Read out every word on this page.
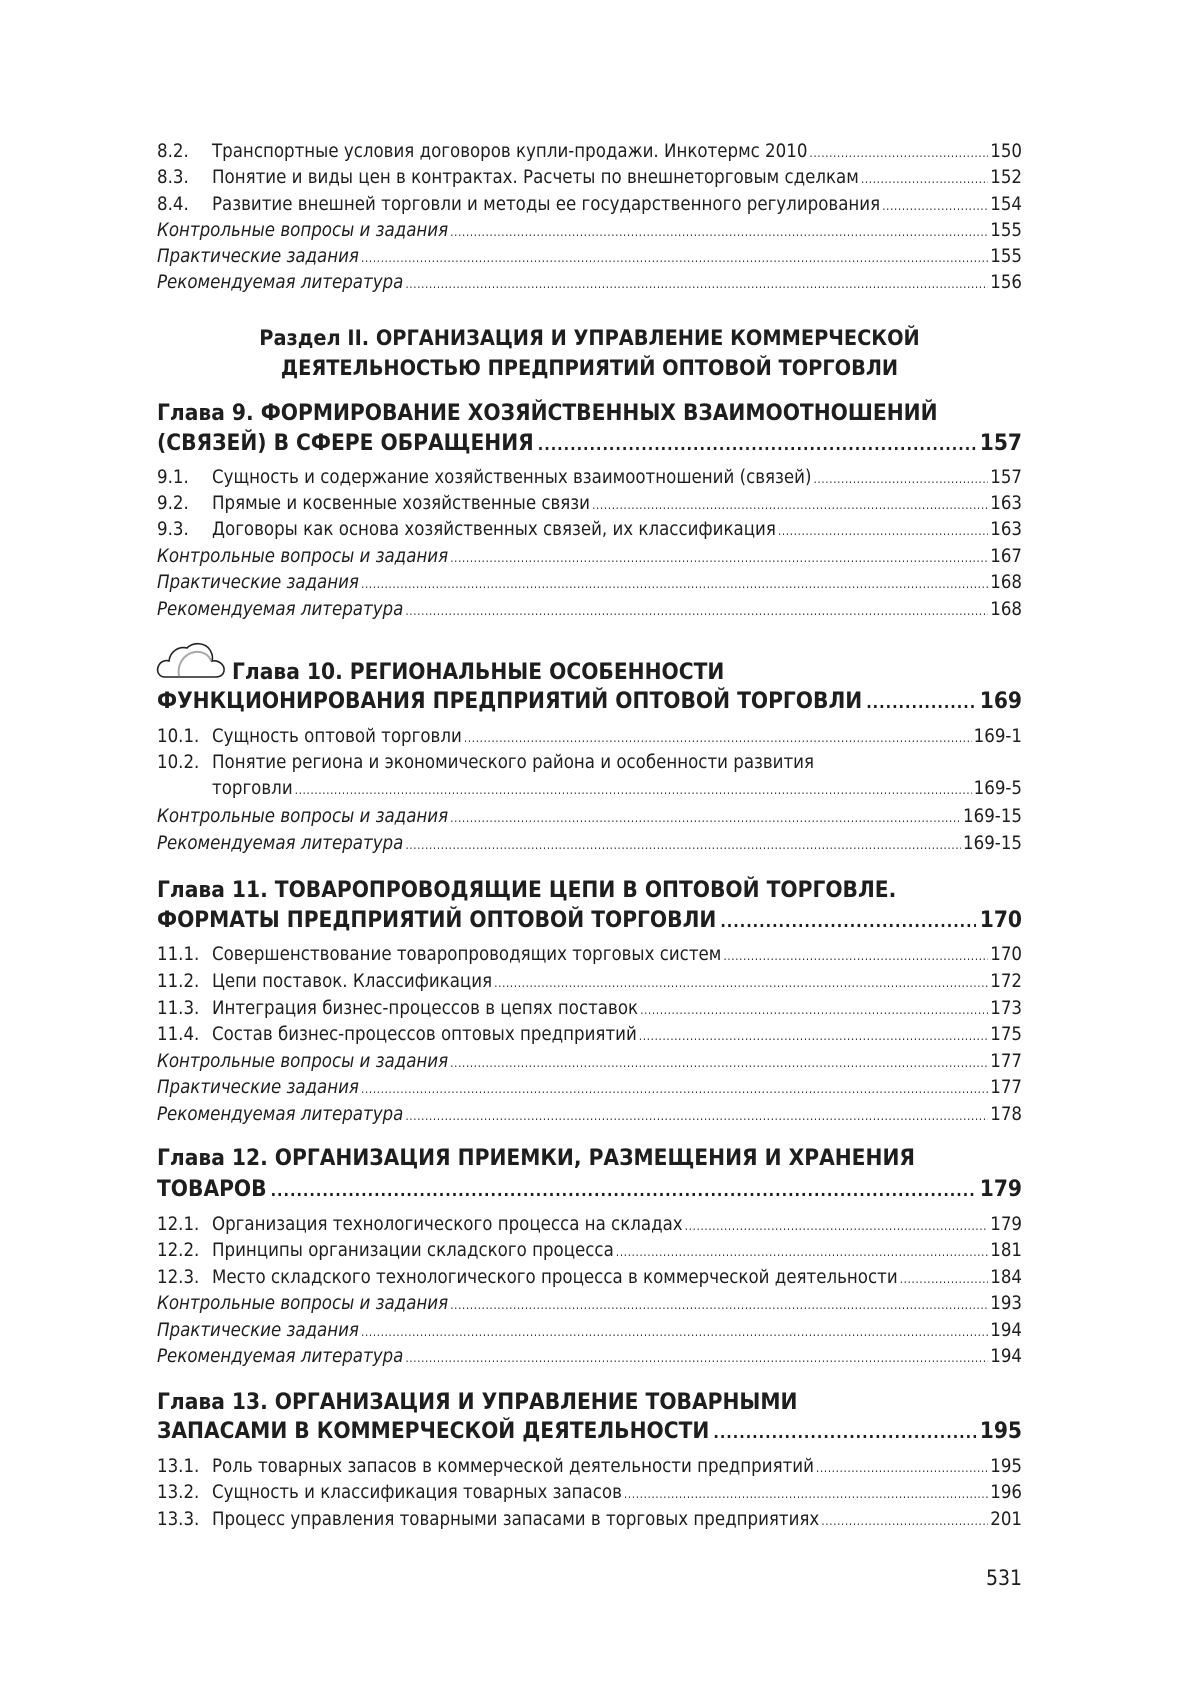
8.2.	Транспортные условия договоров купли-продажи. Инкотермс 2010 .....	150
8.3.	Понятие и виды цен в контрактах. Расчеты по внешнеторговым сделкам .....	152
8.4.	Развитие внешней торговли и методы ее государственного регулирования .....	154
Контрольные вопросы и задания .....	155
Практические задания .....	155
Рекомендуемая литература .....	156
Раздел II. ОРГАНИЗАЦИЯ И УПРАВЛЕНИЕ КОММЕРЧЕСКОЙ
ДЕЯТЕЛЬНОСТЬЮ ПРЕДПРИЯТИЙ ОПТОВОЙ ТОРГОВЛИ
Глава 9. ФОРМИРОВАНИЕ ХОЗЯЙСТВЕННЫХ ВЗАИМООТНОШЕНИЙ
(СВЯЗЕЙ) В СФЕРЕ ОБРАЩЕНИЯ .....	157
9.1.	Сущность и содержание хозяйственных взаимоотношений (связей) .....	157
9.2.	Прямые и косвенные хозяйственные связи .....	163
9.3.	Договоры как основа хозяйственных связей, их классификация .....	163
Контрольные вопросы и задания .....	167
Практические задания .....	168
Рекомендуемая литература .....	168
Глава 10. РЕГИОНАЛЬНЫЕ ОСОБЕННОСТИ
ФУНКЦИОНИРОВАНИЯ ПРЕДПРИЯТИЙ ОПТОВОЙ ТОРГОВЛИ .....	169
10.1. Сущность оптовой торговли .....	169-1
10.2. Понятие региона и экономического района и особенности развития
торговли .....	169-5
Контрольные вопросы и задания .....	169-15
Рекомендуемая литература .....	169-15
Глава 11. ТОВАРОПРОВОДЯЩИЕ ЦЕПИ В ОПТОВОЙ ТОРГОВЛЕ.
ФОРМАТЫ ПРЕДПРИЯТИЙ ОПТОВОЙ ТОРГОВЛИ .....	170
11.1. Совершенствование товаропроводящих торговых систем .....	170
11.2. Цепи поставок. Классификация .....	172
11.3. Интеграция бизнес-процессов в цепях поставок .....	173
11.4. Состав бизнес-процессов оптовых предприятий .....	175
Контрольные вопросы и задания .....	177
Практические задания .....	177
Рекомендуемая литература .....	178
Глава 12. ОРГАНИЗАЦИЯ ПРИЕМКИ, РАЗМЕЩЕНИЯ И ХРАНЕНИЯ
ТОВАРОВ .....	179
12.1. Организация технологического процесса на складах .....	179
12.2. Принципы организации складского процесса .....	181
12.3. Место складского технологического процесса в коммерческой деятельности .....	184
Контрольные вопросы и задания .....	193
Практические задания .....	194
Рекомендуемая литература .....	194
Глава 13. ОРГАНИЗАЦИЯ И УПРАВЛЕНИЕ ТОВАРНЫМИ
ЗАПАСАМИ В КОММЕРЧЕСКОЙ ДЕЯТЕЛЬНОСТИ .....	195
13.1. Роль товарных запасов в коммерческой деятельности предприятий .....	195
13.2. Сущность и классификация товарных запасов .....	196
13.3. Процесс управления товарными запасами в торговых предприятиях .....	201
531
